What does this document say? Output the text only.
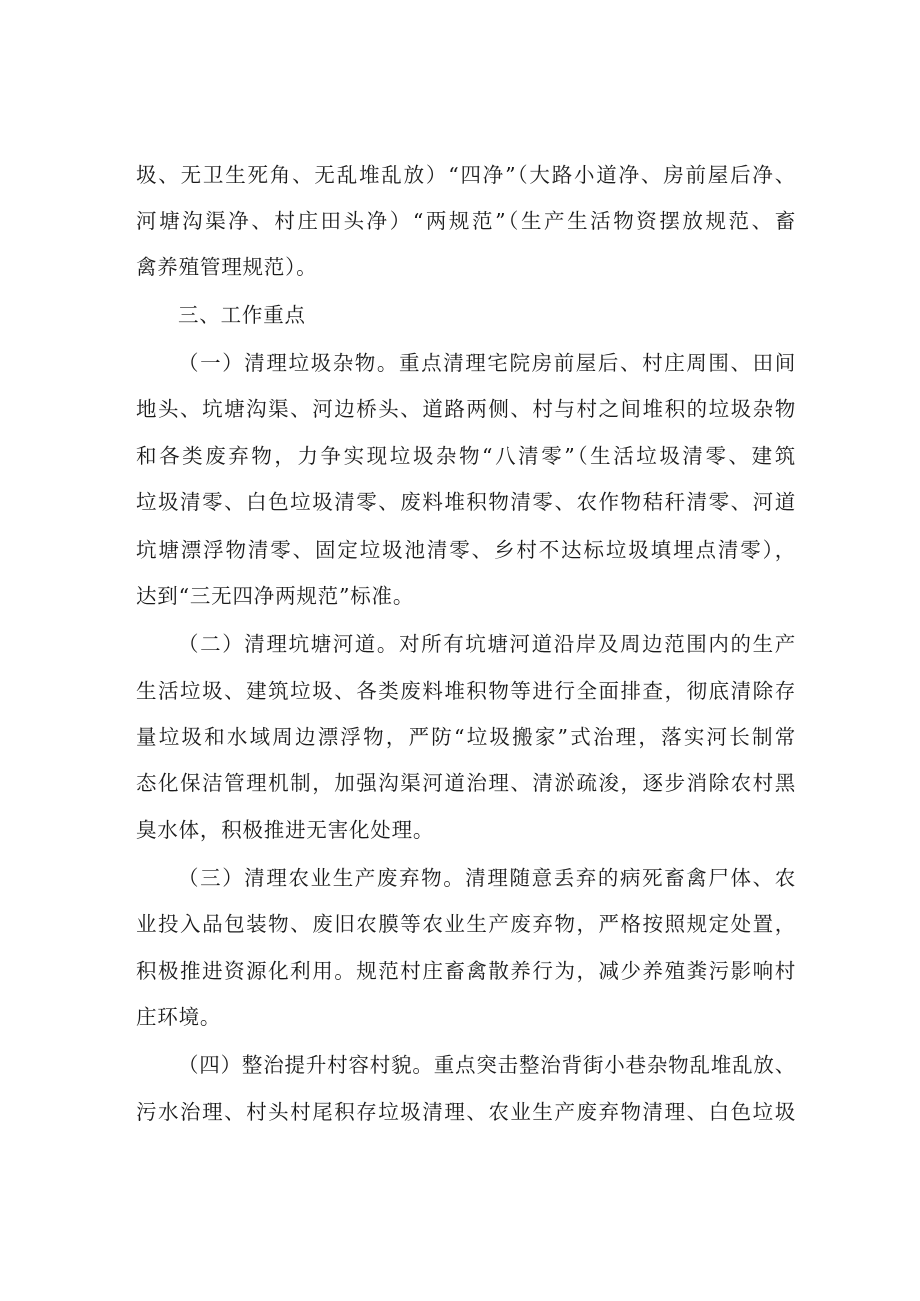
圾、无卫生死角、无乱堆乱放）“四净”（大路小道净、房前屋后净、
河塘沟渠净、村庄田头净）“两规范”（生产生活物资摆放规范、畜
禽养殖管理规范）。
三、工作重点
（一）清理垃圾杂物。重点清理宅院房前屋后、村庄周围、田间
地头、坑塘沟渠、河边桥头、道路两侧、村与村之间堆积的垃圾杂物
和各类废弃物，力争实现垃圾杂物“八清零”（生活垃圾清零、建筑
垃圾清零、白色垃圾清零、废料堆积物清零、农作物秸秆清零、河道
坑塘漂浮物清零、固定垃圾池清零、乡村不达标垃圾填埋点清零），
达到“三无四净两规范”标准。
（二）清理坑塘河道。对所有坑塘河道沿岸及周边范围内的生产
生活垃圾、建筑垃圾、各类废料堆积物等进行全面排查，彻底清除存
量垃圾和水域周边漂浮物，严防“垃圾搬家”式治理，落实河长制常
态化保洁管理机制，加强沟渠河道治理、清淤疏浚，逐步消除农村黑
臭水体，积极推进无害化处理。
（三）清理农业生产废弃物。清理随意丢弃的病死畜禽尸体、农
业投入品包装物、废旧农膜等农业生产废弃物，严格按照规定处置，
积极推进资源化利用。规范村庄畜禽散养行为，减少养殖粪污影响村
庄环境。
（四）整治提升村容村貌。重点突击整治背街小巷杂物乱堆乱放、
污水治理、村头村尾积存垃圾清理、农业生产废弃物清理、白色垃圾
